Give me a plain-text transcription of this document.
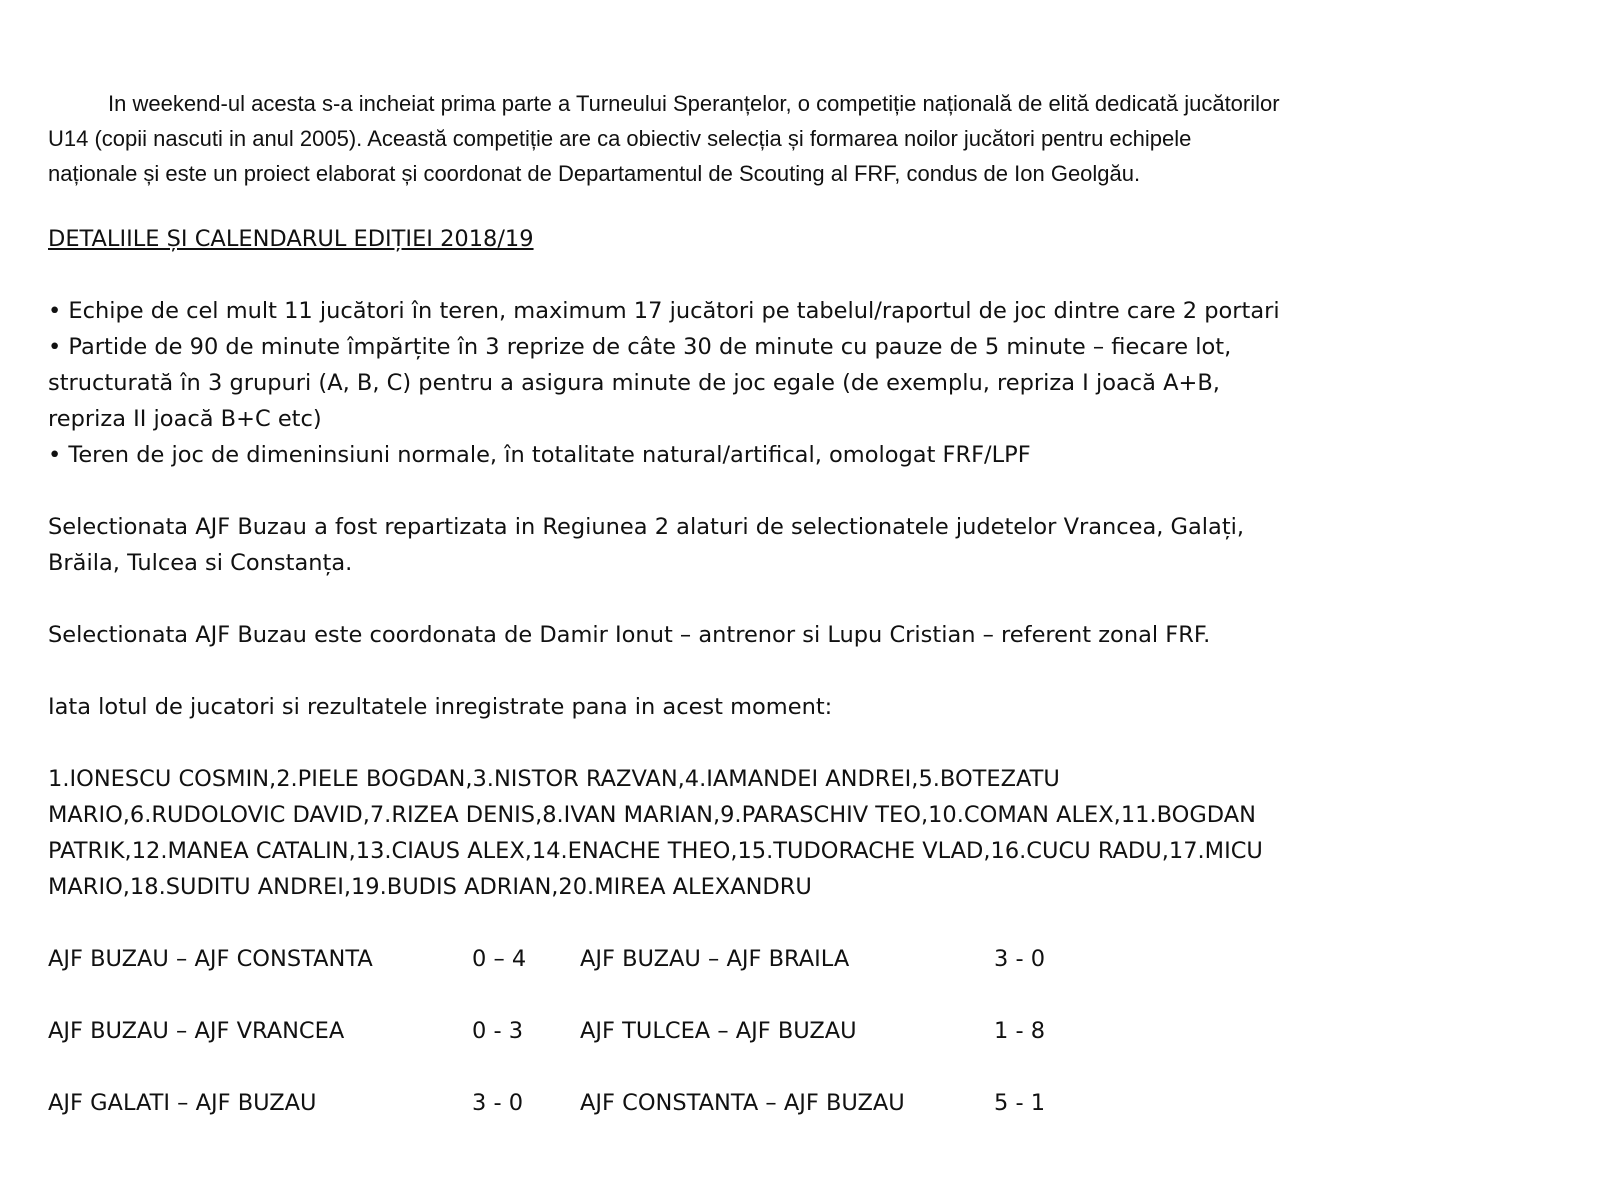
In weekend-ul acesta s-a incheiat prima parte a Turneului Speranțelor, o competiție națională de elită dedicată jucătorilor
U14 (copii nascuti in anul 2005). Această competiție are ca obiectiv selecția și formarea noilor jucători pentru echipele
naționale și este un proiect elaborat și coordonat de Departamentul de Scouting al FRF, condus de Ion Geolgău.
DETALIILE ȘI CALENDARUL EDIȚIEI 2018/19
• Echipe de cel mult 11 jucători în teren, maximum 17 jucători pe tabelul/raportul de joc dintre care 2 portari
• Partide de 90 de minute împărțite în 3 reprize de câte 30 de minute cu pauze de 5 minute – fiecare lot,
structurată în 3 grupuri (A, B, C) pentru a asigura minute de joc egale (de exemplu, repriza I joacă A+B,
repriza II joacă B+C etc)
• Teren de joc de dimeninsiuni normale, în totalitate natural/artifical, omologat FRF/LPF
Selectionata AJF Buzau a fost repartizata in Regiunea 2 alaturi de selectionatele judetelor Vrancea, Galați,
Brăila, Tulcea si Constanța.
Selectionata AJF Buzau este coordonata de Damir Ionut – antrenor si Lupu Cristian – referent zonal FRF.
Iata lotul de jucatori si rezultatele inregistrate pana in acest moment:
1.IONESCU COSMIN,2.PIELE BOGDAN,3.NISTOR RAZVAN,4.IAMANDEI ANDREI,5.BOTEZATU
MARIO,6.RUDOLOVIC DAVID,7.RIZEA DENIS,8.IVAN MARIAN,9.PARASCHIV TEO,10.COMAN ALEX,11.BOGDAN
PATRIK,12.MANEA CATALIN,13.CIAUS ALEX,14.ENACHE THEO,15.TUDORACHE VLAD,16.CUCU RADU,17.MICU
MARIO,18.SUDITU ANDREI,19.BUDIS ADRIAN,20.MIREA ALEXANDRU
AJF BUZAU – AJF CONSTANTA	0 – 4 AJF BUZAU – AJF BRAILA	3 - 0
AJF BUZAU – AJF VRANCEA	0 - 3	AJF TULCEA – AJF BUZAU	1 - 8
AJF GALATI – AJF BUZAU	3 - 0	AJF CONSTANTA – AJF BUZAU	5 - 1
